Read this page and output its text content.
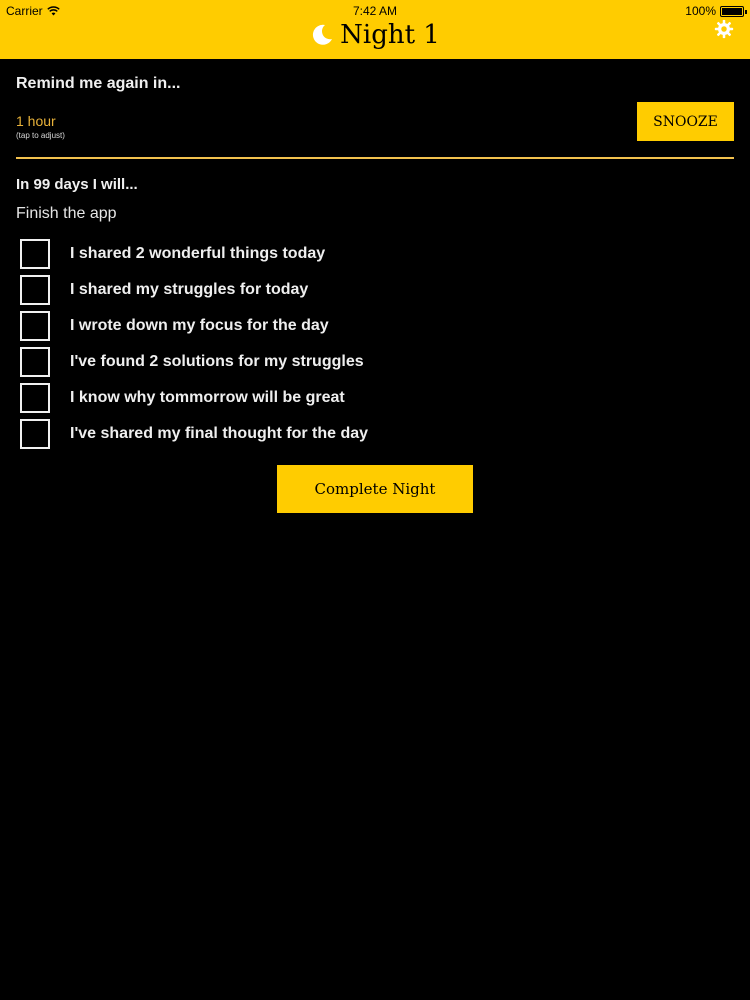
Carrier	7:42 AM	100%
Night 1
Remind me again in...
1 hour
(tap to adjust)
SNOOZE
In 99 days I will...
Finish the app
I shared 2 wonderful things today
I shared my struggles for today
I wrote down my focus for the day
I've found 2 solutions for my struggles
I know why tommorrow will be great
I've shared my final thought for the day
Complete Night
